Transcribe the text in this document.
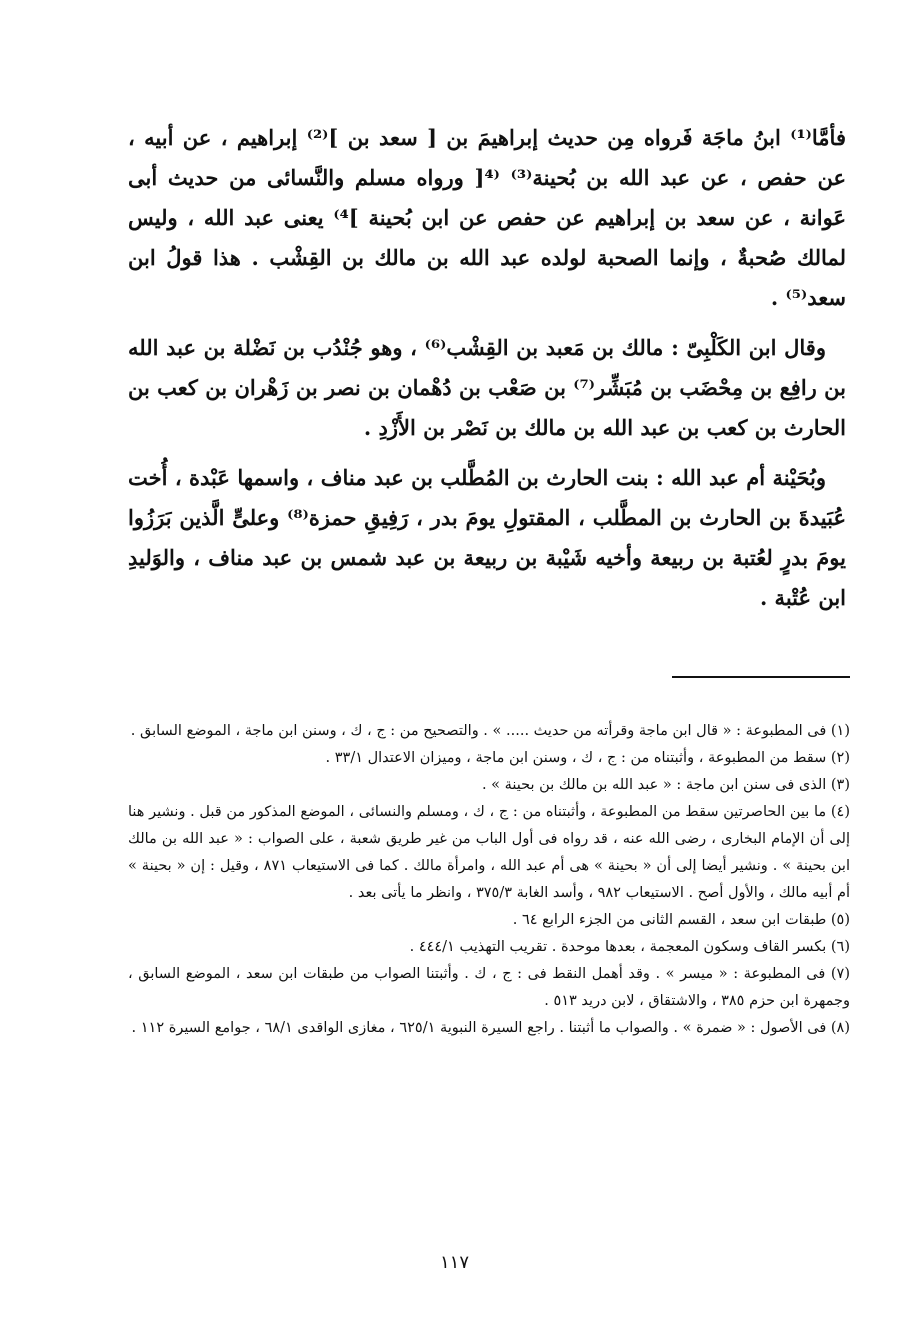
فأمَّا⁽¹⁾ ابنُ ماجَة فَرواه مِن حديث إبراهيمَ بن [ سعد بن ]⁽²⁾ إبراهيم ، عن أبيه ، عن حفص ، عن عبد الله بن بُحينة⁽³⁾ ⁽⁴[ ورواه مسلم والنَّسائى من حديث أبى عَوانة ، عن سعد بن إبراهيم عن حفص عن ابن بُحينة ]⁴⁾ يعنى عبد الله ، وليس لمالك صُحبةٌ ، وإنما الصحبة لولده عبد الله بن مالك بن القِشْب . هذا قولُ ابن سعد⁽⁵⁾ .

وقال ابن الكَلْبِىّ : مالك بن مَعبد بن القِشْب⁽⁶⁾ ، وهو جُنْدُب بن نَضْلة بن عبد الله بن رافِع بن مِحْضَب بن مُبَشِّر⁽⁷⁾ بن صَعْب بن دُهْمان بن نصر بن زَهْران بن كعب بن الحارث بن كعب بن عبد الله بن مالك بن نَصْر بن الأَزْدِ .

وبُحَيْنة أم عبد الله : بنت الحارث بن المُطَّلب بن عبد مناف ، واسمها عَبْدة ، أُخت عُبَيدةَ بن الحارث بن المطَّلب ، المقتولِ يومَ بدر ، رَفِيقِ حمزة⁽⁸⁾ وعلىٍّ الَّذين بَرَزُوا يومَ بدرٍ لعُتبة بن ربيعة وأخيه شَيْبة بن ربيعة بن عبد شمس بن عبد مناف ، والوَليدِ ابن عُتْبة .

(١) فى المطبوعة : « قال ابن ماجة وقرأته من حديث ..... » . والتصحيح من : ج ، ك ، وسنن ابن ماجة ، الموضع السابق .

(٢) سقط من المطبوعة ، وأثبتناه من : ج ، ك ، وسنن ابن ماجة ، وميزان الاعتدال ٣٣/١ .

(٣) الذى فى سنن ابن ماجة : « عبد الله بن مالك بن بحينة » .

(٤) ما بين الحاصرتين سقط من المطبوعة ، وأثبتناه من : ج ، ك ، ومسلم والنسائى ، الموضع المذكور من قبل . ونشير هنا إلى أن الإمام البخارى ، رضى الله عنه ، قد رواه فى أول الباب من غير طريق شعبة ، على الصواب : « عبد الله بن مالك ابن بحينة » . ونشير أيضا إلى أن « بحينة » هى أم عبد الله ، وامرأة مالك . كما فى الاستيعاب ٨٧١ ، وقيل : إن « بحينة » أم أبيه مالك ، والأول أصح . الاستيعاب ٩٨٢ ، وأسد الغابة ٣٧٥/٣ ، وانظر ما يأتى بعد .

(٥) طبقات ابن سعد ، القسم الثانى من الجزء الرابع ٦٤ .

(٦) بكسر القاف وسكون المعجمة ، بعدها موحدة . تقريب التهذيب ٤٤٤/١ .

(٧) فى المطبوعة : « ميسر » . وقد أهمل النقط فى : ج ، ك . وأثبتنا الصواب من طبقات ابن سعد ، الموضع السابق ، وجمهرة ابن حزم ٣٨٥ ، والاشتقاق ، لابن دريد ٥١٣ .

(٨) فى الأصول : « ضمرة » . والصواب ما أثبتنا . راجع السيرة النبوية ٦٢٥/١ ، مغازى الواقدى ٦٨/١ ، جوامع السيرة ١١٢ .

١١٧
